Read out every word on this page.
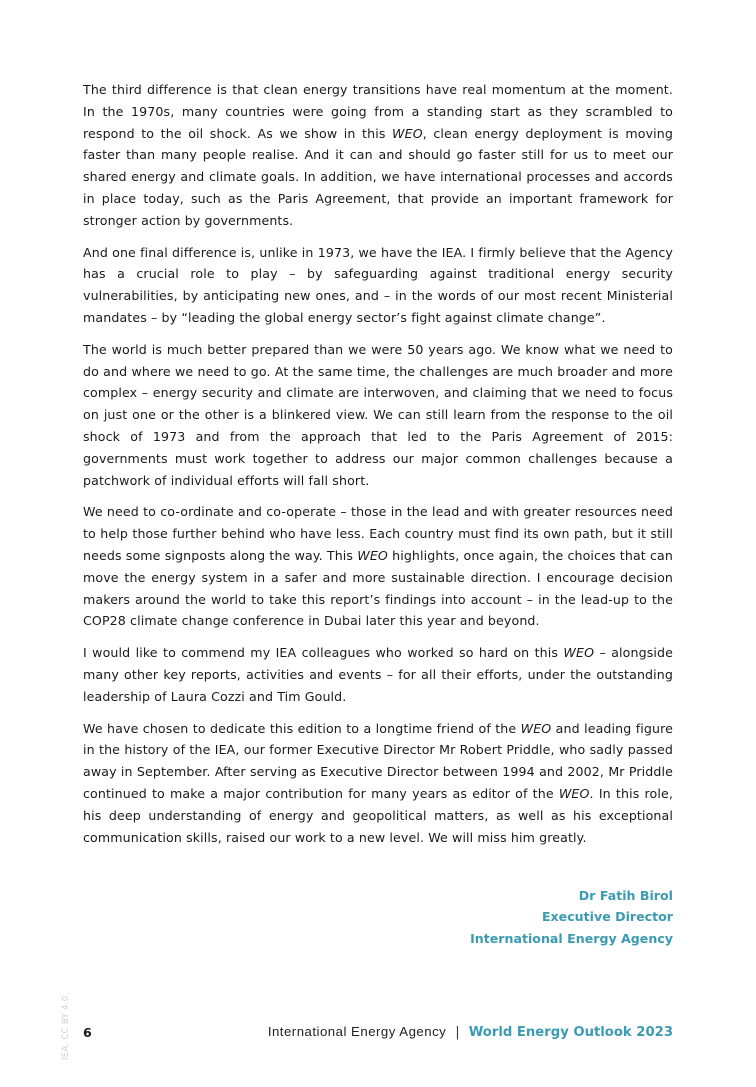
The third difference is that clean energy transitions have real momentum at the moment. In the 1970s, many countries were going from a standing start as they scrambled to respond to the oil shock. As we show in this WEO, clean energy deployment is moving faster than many people realise. And it can and should go faster still for us to meet our shared energy and climate goals. In addition, we have international processes and accords in place today, such as the Paris Agreement, that provide an important framework for stronger action by governments.

And one final difference is, unlike in 1973, we have the IEA. I firmly believe that the Agency has a crucial role to play – by safeguarding against traditional energy security vulnerabilities, by anticipating new ones, and – in the words of our most recent Ministerial mandates – by “leading the global energy sector’s fight against climate change”.

The world is much better prepared than we were 50 years ago. We know what we need to do and where we need to go. At the same time, the challenges are much broader and more complex – energy security and climate are interwoven, and claiming that we need to focus on just one or the other is a blinkered view. We can still learn from the response to the oil shock of 1973 and from the approach that led to the Paris Agreement of 2015: governments must work together to address our major common challenges because a patchwork of individual efforts will fall short.

We need to co-ordinate and co-operate – those in the lead and with greater resources need to help those further behind who have less. Each country must find its own path, but it still needs some signposts along the way. This WEO highlights, once again, the choices that can move the energy system in a safer and more sustainable direction. I encourage decision makers around the world to take this report’s findings into account – in the lead-up to the COP28 climate change conference in Dubai later this year and beyond.

I would like to commend my IEA colleagues who worked so hard on this WEO – alongside many other key reports, activities and events – for all their efforts, under the outstanding leadership of Laura Cozzi and Tim Gould.

We have chosen to dedicate this edition to a longtime friend of the WEO and leading figure in the history of the IEA, our former Executive Director Mr Robert Priddle, who sadly passed away in September. After serving as Executive Director between 1994 and 2002, Mr Priddle continued to make a major contribution for many years as editor of the WEO. In this role, his deep understanding of energy and geopolitical matters, as well as his exceptional communication skills, raised our work to a new level. We will miss him greatly.

Dr Fatih Birol
Executive Director
International Energy Agency
IEA. CC BY 4.0. 6	International Energy Agency | World Energy Outlook 2023
